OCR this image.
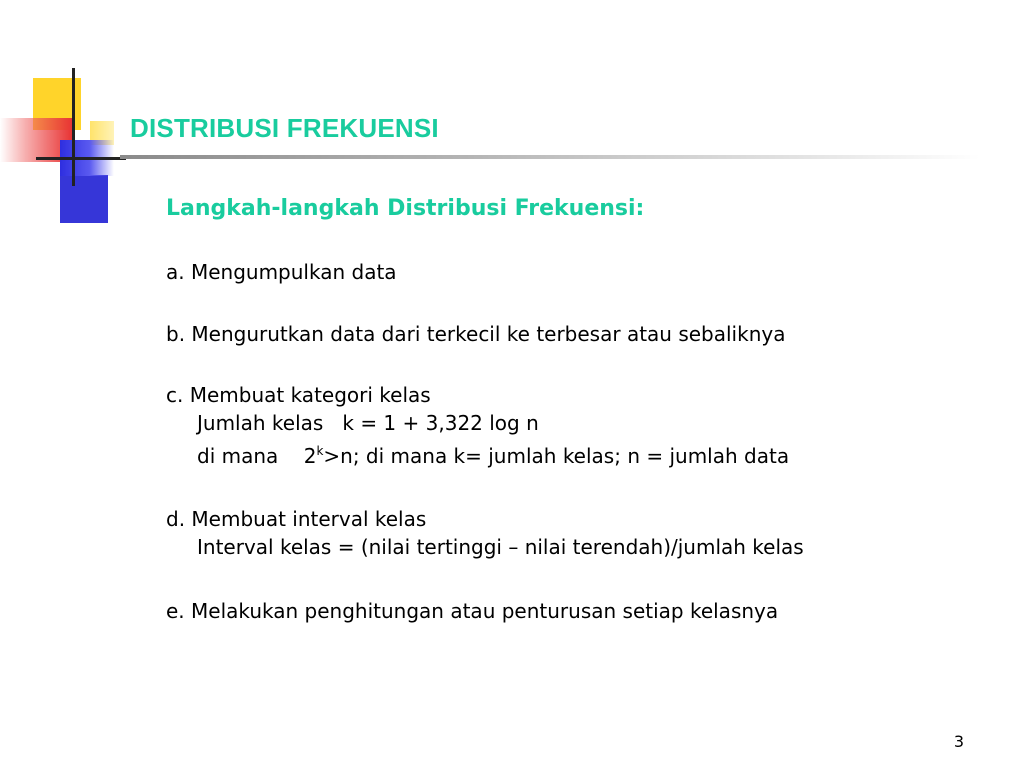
DISTRIBUSI FREKUENSI
Langkah-langkah Distribusi Frekuensi:
a. Mengumpulkan data
b. Mengurutkan data dari terkecil ke terbesar atau sebaliknya
c. Membuat kategori kelas
Jumlah kelas   k = 1 + 3,322 log n
di mana    $2^k>n$; di mana k= jumlah kelas; n = jumlah data
d. Membuat interval kelas
Interval kelas = (nilai tertinggi – nilai terendah)/jumlah kelas
e. Melakukan penghitungan atau penturusan setiap kelasnya
3
